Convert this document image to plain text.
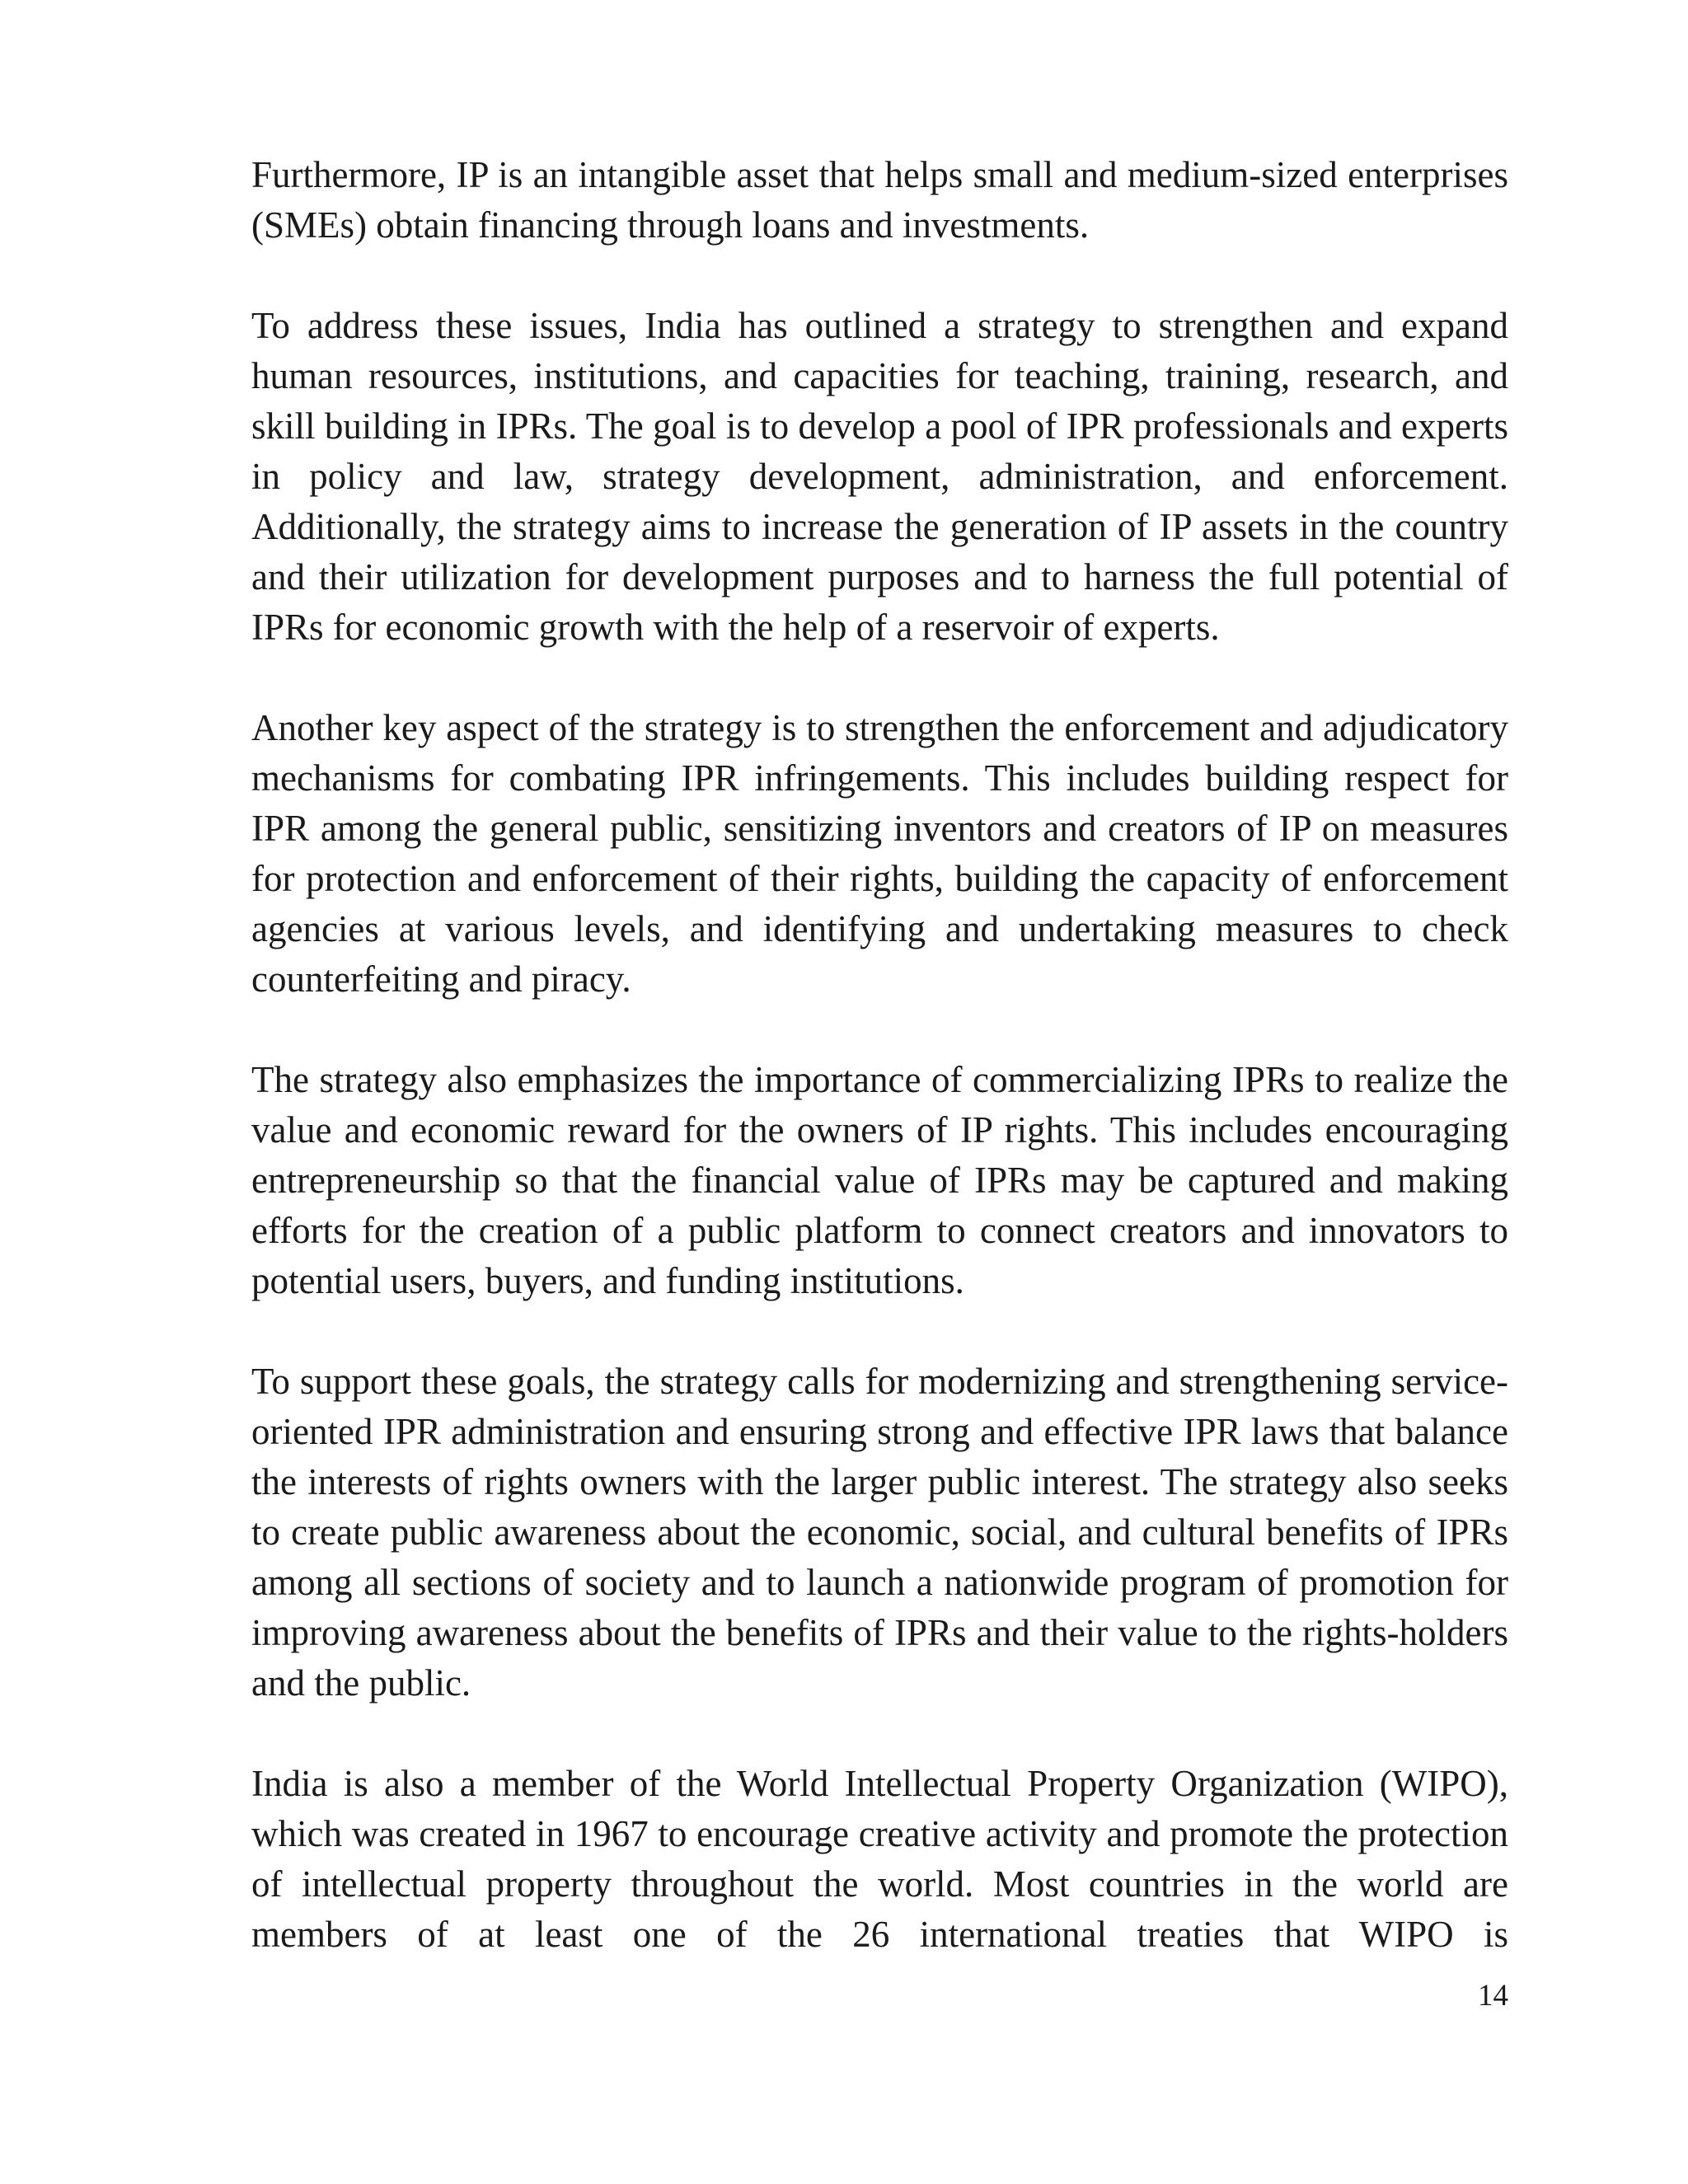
Furthermore, IP is an intangible asset that helps small and medium-sized enterprises (SMEs) obtain financing through loans and investments.

To address these issues, India has outlined a strategy to strengthen and expand human resources, institutions, and capacities for teaching, training, research, and skill building in IPRs. The goal is to develop a pool of IPR professionals and experts in policy and law, strategy development, administration, and enforcement. Additionally, the strategy aims to increase the generation of IP assets in the country and their utilization for development purposes and to harness the full potential of IPRs for economic growth with the help of a reservoir of experts.

Another key aspect of the strategy is to strengthen the enforcement and adjudicatory mechanisms for combating IPR infringements. This includes building respect for IPR among the general public, sensitizing inventors and creators of IP on measures for protection and enforcement of their rights, building the capacity of enforcement agencies at various levels, and identifying and undertaking measures to check counterfeiting and piracy.

The strategy also emphasizes the importance of commercializing IPRs to realize the value and economic reward for the owners of IP rights. This includes encouraging entrepreneurship so that the financial value of IPRs may be captured and making efforts for the creation of a public platform to connect creators and innovators to potential users, buyers, and funding institutions.

To support these goals, the strategy calls for modernizing and strengthening service-oriented IPR administration and ensuring strong and effective IPR laws that balance the interests of rights owners with the larger public interest. The strategy also seeks to create public awareness about the economic, social, and cultural benefits of IPRs among all sections of society and to launch a nationwide program of promotion for improving awareness about the benefits of IPRs and their value to the rights-holders and the public.

India is also a member of the World Intellectual Property Organization (WIPO), which was created in 1967 to encourage creative activity and promote the protection of intellectual property throughout the world. Most countries in the world are members of at least one of the 26 international treaties that WIPO is

14
